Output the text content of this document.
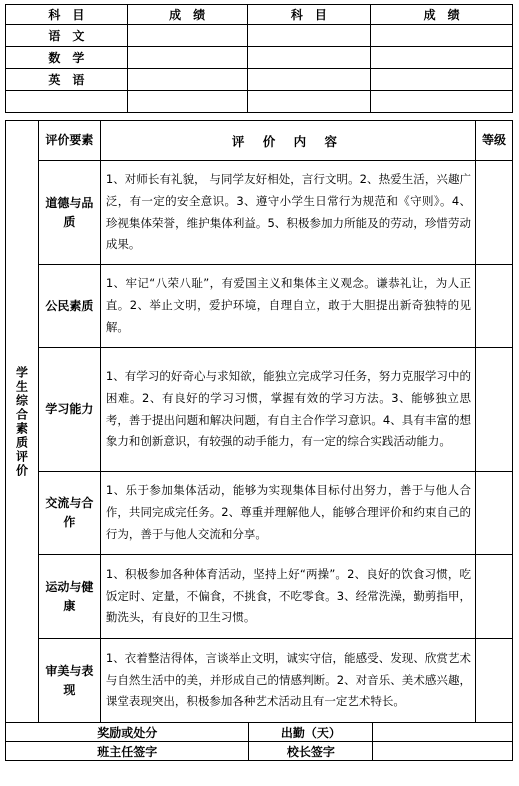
科　目	成　绩	科　目	成　绩
语　文			
数　学			
英　语			

学生综合素质评价	评价要素	评 价 内 容			等级
	道德与品质	1、对师长有礼貌， 与同学友好相处，言行文明。2、热爱生活，兴趣广泛，有一定的安全意识。3、遵守小学生日常行为规范和《守则》。4、珍视集体荣誉，维护集体利益。5、积极参加力所能及的劳动，珍惜劳动成果。			
	公民素质	1、牢记“八荣八耻”，有爱国主义和集体主义观念。谦恭礼让，为人正直。2、举止文明，爱护环境，自理自立，敢于大胆提出新奇独特的见解。			
	学习能力	1、有学习的好奇心与求知欲，能独立完成学习任务，努力克服学习中的困难。2、有良好的学习习惯，掌握有效的学习方法。3、能够独立思考，善于提出问题和解决问题，有自主合作学习意识。4、具有丰富的想象力和创新意识，有较强的动手能力，有一定的综合实践活动能力。			
	交流与合作	1、乐于参加集体活动，能够为实现集体目标付出努力，善于与他人合作，共同完成完任务。2、尊重并理解他人，能够合理评价和约束自己的行为，善于与他人交流和分享。			
	运动与健康	1、积极参加各种体育活动，坚持上好“两操”。2、良好的饮食习惯，吃饭定时、定量，不偏食，不挑食，不吃零食。3、经常洗澡，勤剪指甲，勤洗头，有良好的卫生习惯。			
	审美与表现	1、衣着整洁得体，言谈举止文明，诚实守信，能感受、发现、欣赏艺术与自然生活中的美，并形成自己的情感判断。2、对音乐、美术感兴趣，课堂表现突出，积极参加各种艺术活动且有一定艺术特长。			
奖励或处分			出勤（天）		
班主任签字			校长签字		
